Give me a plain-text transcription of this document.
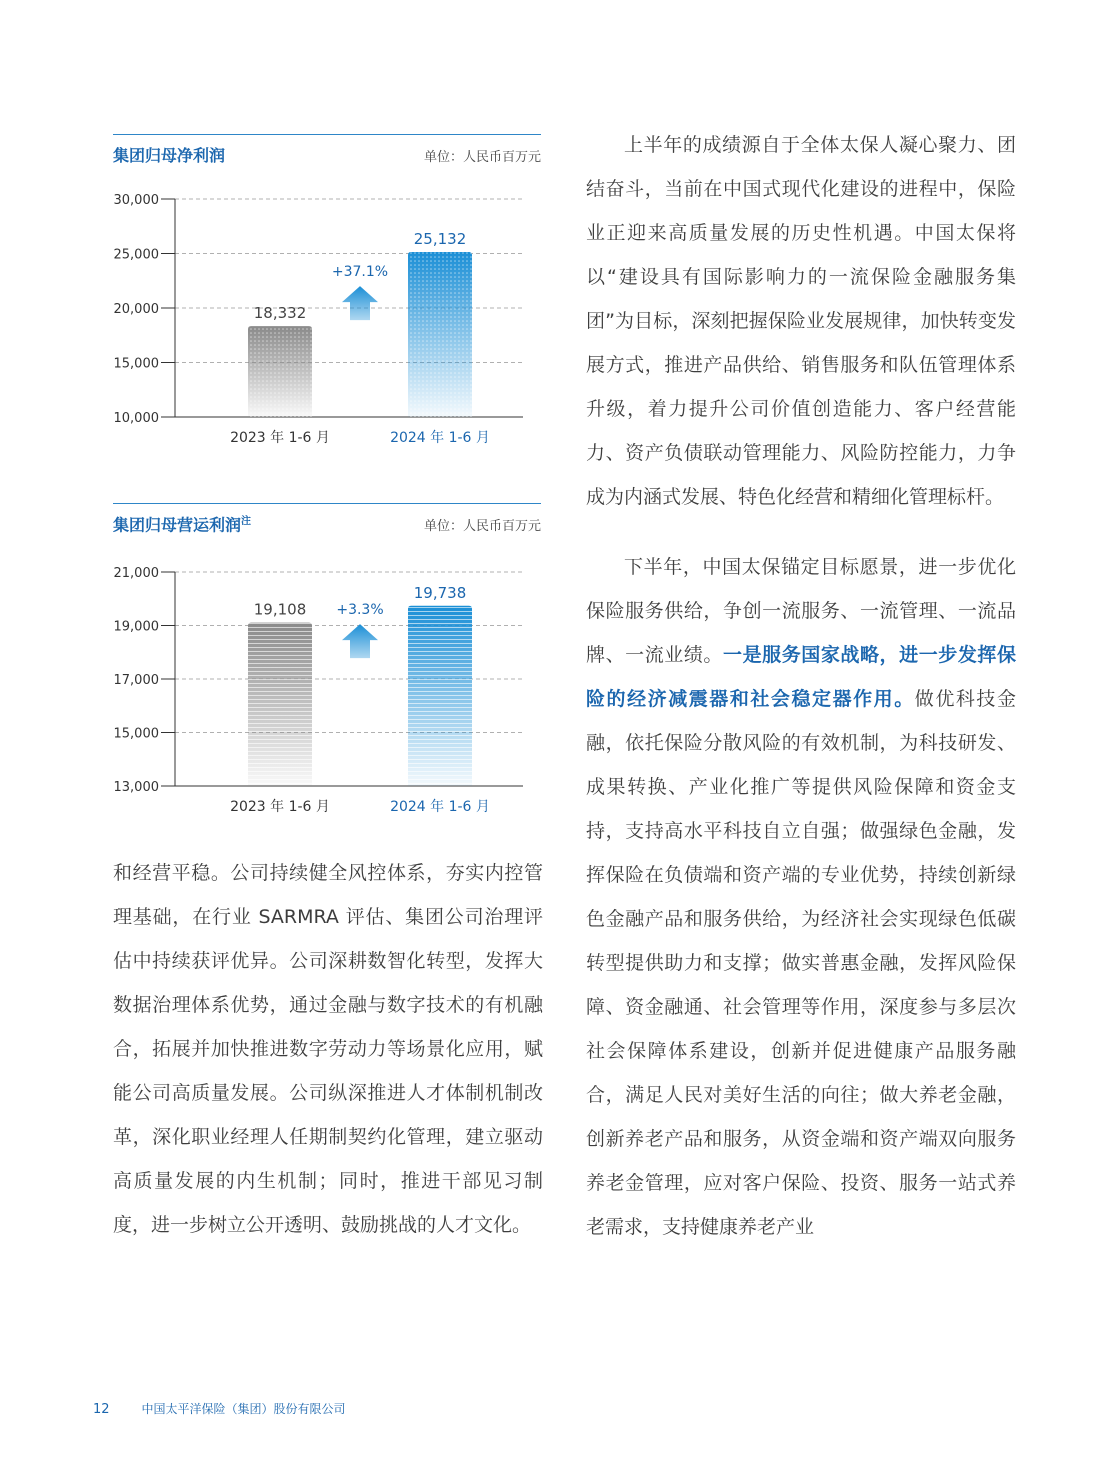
集团归母净利润	单位：人民币百万元
10,000
15,000
20,000
25,000
30,000
18,332
2023 年 1-6 月
25,132
2024 年 1-6 月
+37.1%
集团归母营运利润$^注$	单位：人民币百万元
13,000
15,000
17,000
19,000
21,000
19,108
2023 年 1-6 月
19,738
2024 年 1-6 月
+3.3%

和经营平稳。公司持续健全风控体系，夯实内控管理基础，在行业 SARMRA 评估、集团公司治理评估中持续获评优异。公司深耕数智化转型，发挥大数据治理体系优势，通过金融与数字技术的有机融合，拓展并加快推进数字劳动力等场景化应用，赋能公司高质量发展。公司纵深推进人才体制机制改革，深化职业经理人任期制契约化管理，建立驱动高质量发展的内生机制；同时，推进干部见习制度，进一步树立公开透明、鼓励挑战的人才文化。

上半年的成绩源自于全体太保人凝心聚力、团结奋斗，当前在中国式现代化建设的进程中，保险业正迎来高质量发展的历史性机遇。中国太保将以“建设具有国际影响力的一流保险金融服务集团”为目标，深刻把握保险业发展规律，加快转变发展方式，推进产品供给、销售服务和队伍管理体系升级，着力提升公司价值创造能力、客户经营能力、资产负债联动管理能力、风险防控能力，力争成为内涵式发展、特色化经营和精细化管理标杆。

下半年，中国太保锚定目标愿景，进一步优化保险服务供给，争创一流服务、一流管理、一流品牌、一流业绩。一是服务国家战略，进一步发挥保险的经济减震器和社会稳定器作用。做优科技金融，依托保险分散风险的有效机制，为科技研发、成果转换、产业化推广等提供风险保障和资金支持，支持高水平科技自立自强；做强绿色金融，发挥保险在负债端和资产端的专业优势，持续创新绿色金融产品和服务供给，为经济社会实现绿色低碳转型提供助力和支撑；做实普惠金融，发挥风险保障、资金融通、社会管理等作用，深度参与多层次社会保障体系建设，创新并促进健康产品服务融合，满足人民对美好生活的向往；做大养老金融，创新养老产品和服务，从资金端和资产端双向服务养老金管理，应对客户保险、投资、服务一站式养老需求，支持健康养老产业

12	中国太平洋保险（集团）股份有限公司
